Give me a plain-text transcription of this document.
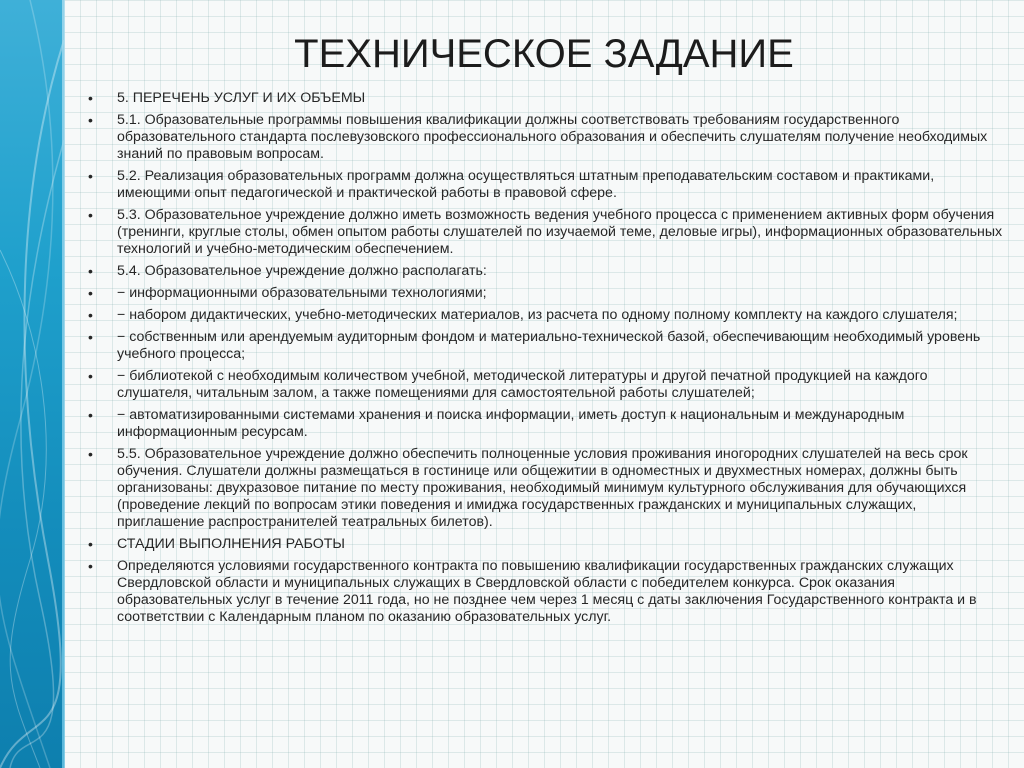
ТЕХНИЧЕСКОЕ ЗАДАНИЕ
• 5. ПЕРЕЧЕНЬ УСЛУГ И ИХ ОБЪЕМЫ
• 5.1. Образовательные программы повышения квалификации должны соответствовать требованиям государственного образовательного стандарта послевузовского профессионального образования и обеспечить слушателям получение необходимых знаний по правовым вопросам.
• 5.2. Реализация образовательных программ должна осуществляться штатным преподавательским составом и практиками, имеющими опыт педагогической и практической работы в правовой сфере.
• 5.3. Образовательное учреждение должно иметь возможность ведения учебного процесса с применением активных форм обучения (тренинги, круглые столы, обмен опытом работы слушателей по изучаемой теме, деловые игры), информационных образовательных технологий и учебно-методическим обеспечением.
• 5.4. Образовательное учреждение должно располагать:
• − информационными образовательными технологиями;
• − набором дидактических, учебно-методических материалов, из расчета по одному полному комплекту на каждого слушателя;
• − собственным или арендуемым аудиторным фондом и материально-технической базой, обеспечивающим необходимый уровень учебного процесса;
• − библиотекой с необходимым количеством учебной, методической литературы и другой печатной продукцией на каждого слушателя, читальным залом, а также помещениями для самостоятельной работы слушателей;
• − автоматизированными системами хранения и поиска информации, иметь доступ к национальным и международным информационным ресурсам.
• 5.5. Образовательное учреждение должно обеспечить полноценные условия проживания иногородних слушателей на весь срок обучения. Слушатели должны размещаться в гостинице или общежитии в одноместных и двухместных номерах, должны быть организованы: двухразовое питание по месту проживания, необходимый минимум культурного обслуживания для обучающихся (проведение лекций по вопросам этики поведения и имиджа государственных гражданских и муниципальных служащих, приглашение распространителей театральных билетов).
• СТАДИИ ВЫПОЛНЕНИЯ РАБОТЫ
• Определяются условиями государственного контракта по повышению квалификации государственных гражданских служащих Свердловской области и муниципальных служащих в Свердловской области с победителем конкурса. Срок оказания образовательных услуг в течение 2011 года, но не позднее чем через 1 месяц с даты заключения Государственного контракта и в соответствии с Календарным планом по оказанию образовательных услуг.
